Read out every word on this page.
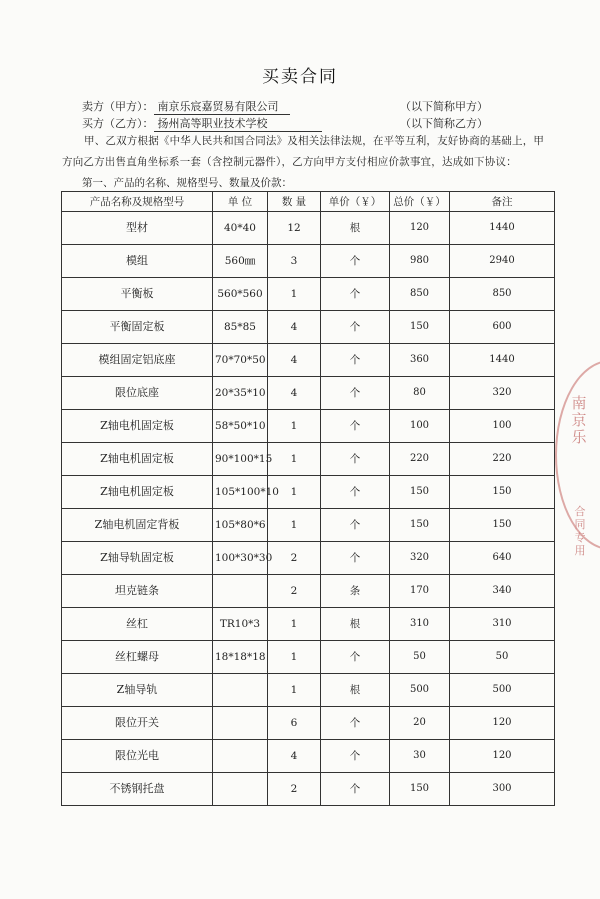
买卖合同
卖方（甲方）： 南京乐宸嘉贸易有限公司	（以下简称甲方）
买方（乙方）： 扬州高等职业技术学校	（以下简称乙方）
甲、乙双方根据《中华人民共和国合同法》及相关法律法规，在平等互利，友好协商的基础上，甲方向乙方出售直角坐标系一套（含控制元器件），乙方向甲方支付相应价款事宜，达成如下协议：
第一、产品的名称、规格型号、数量及价款：
产品名称及规格型号	单 位	数 量	单价（￥）	总价（￥）	备注
型材	40*40	12	根	120	1440
模组	560㎜	3	个	980	2940
平衡板	560*560	1	个	850	850
平衡固定板	85*85	4	个	150	600
模组固定铝底座	70*70*50	4	个	360	1440
限位底座	20*35*10	4	个	80	320
Z轴电机固定板	58*50*10	1	个	100	100
Z轴电机固定板	90*100*15	1	个	220	220
Z轴电机固定板	105*100*10	1	个	150	150
Z轴电机固定背板	105*80*6	1	个	150	150
Z轴导轨固定板	100*30*30	2	个	320	640
坦克链条		2	条	170	340
丝杠	TR10*3	1	根	310	310
丝杠螺母	18*18*18	1	个	50	50
Z轴导轨		1	根	500	500
限位开关		6	个	20	120
限位光电		4	个	30	120
不锈钢托盘		2	个	150	300
南
京
乐
合
同
专
用
